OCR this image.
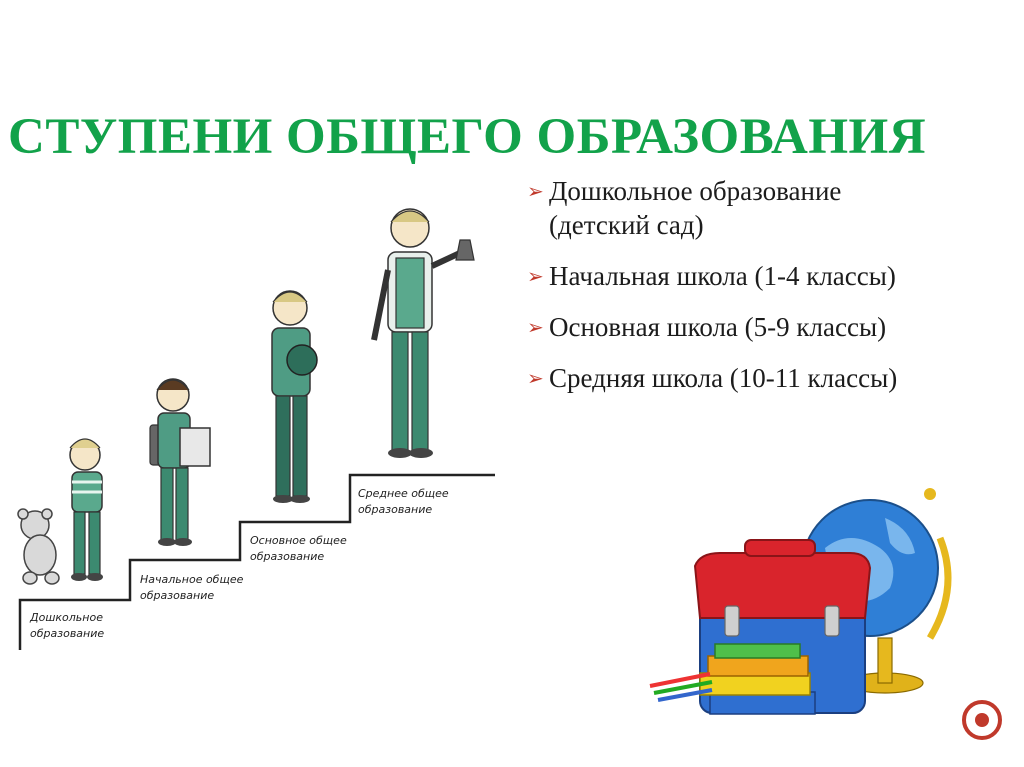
СТУПЕНИ ОБЩЕГО ОБРАЗОВАНИЯ
➢ Дошкольное образование
(детский сад)
➢ Начальная школа (1-4 классы)
➢ Основная школа (5-9 классы)
➢ Средняя школа (10-11 классы)
Дошкольное
образование
Начальное общее
образование
Основное общее
образование
Среднее общее
образование
